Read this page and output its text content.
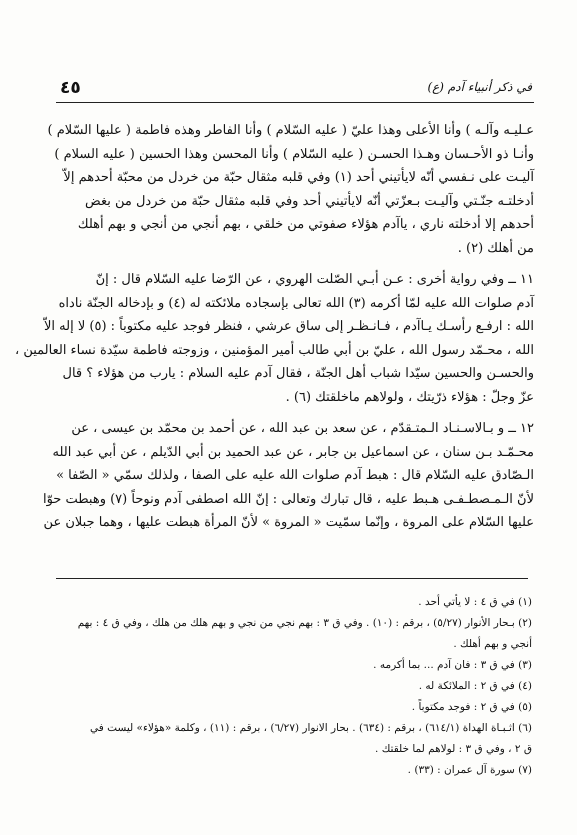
٤٥	في ذكر أنبياء آدم (ع)
عـليـه وآلـه ) وأنا الأعلى وهذا عليّ ( عليه السّلام ) وأنا الفاطر وهذه فاطمة ( عليها السّلام )
وأنـا ذو الأحـسان وهـذا الحسـن ( عليه السّلام ) وأنا المحسن وهذا الحسين ( عليه السلام )
آليـت على نـفسي أنّه لايأتيني أحد (١) وفي قلبه مثقال حبّة من خردل من محبّة أحدهم إلاّ
أدخلتـه جنّـتي وآليـت بـعزّتي أنّه لايأتيني أحد وفي قلبه مثقال حبّة من خردل من بغض
أحدهم إلا أدخلته ناري ، ياآدم هؤلاء صفوتي من خلقي ، بهم أنجي من أنجي و بهم أهلك
من أهلك (٢) .
١١ ــ وفي رواية أخرى : عـن أبـي الصّلت الهروي ، عن الرّضا عليه السّلام قال : إنّ
آدم صلوات الله عليه لمّا أكرمه (٣) الله تعالى بإسجاده ملائكته له (٤) و بإدخاله الجنّة ناداه
الله : ارفـع رأسـك يـاآدم ، فـانـظـر إلى ساق عرشي ، فنظر فوجد عليه مكتوباً : (٥) لا إله الاّ
الله ، محـمّد رسول الله ، عليّ بن أبي طالب أمير المؤمنين ، وزوجته فاطمة سيّدة نساء العالمين ،
والحسـن والحسين سيّدا شباب أهل الجنّة ، فقال آدم عليه السلام : يارب من هؤلاء ؟ قال
عزّ وجلّ : هؤلاء ذرّيتك ، ولولاهم ماخلقتك (٦) .
١٢ ــ و بـالاسـنـاد الـمتـقدّم ، عن سعد بن عبد الله ، عن أحمد بن محمّد بن عيسى ، عن
محـمّـد بـن سنان ، عن اسماعيل بن جابر ، عن عبد الحميد بن أبي الدّيلم ، عن أبي عبد الله
الـصّادق عليه السّلام قال : هبط آدم صلوات الله عليه على الصفا ، ولذلك سمّي « الصّفا »
لأنّ الـمـصطـفـى هـبط عليه ، قال تبارك وتعالى : إنّ الله اصطفى آدم ونوحاً (٧) وهبطت حوّا
عليها السّلام على المروة ، وإنّما سمّيت « المروة » لأنّ المرأة هبطت عليها ، وهما جبلان عن
(١) في ق ٤ : لا يأتي أحد .
(٢) بـحار الأنوار (٥/٢٧) ، برقم : (١٠) . وفي ق ٣ : بهم نجي من نجي و بهم هلك من هلك ، وفي ق ٤ : بهم
أنجي و بهم أهلك .
(٣) في ق ٣ : فان آدم ... بما أكرمه .
(٤) في ق ٢ : الملائكة له .
(٥) في ق ٢ : فوجد مكتوباً .
(٦) اثـبـاة الهداة (٦١٤/١) ، برقم : (٦٣٤) . بحار الانوار (٦/٢٧) ، برقم : (١١) ، وكلمة «هؤلاء» ليست في
ق ٢ ، وفي ق ٣ : لولاهم لما خلقتك .
(٧) سورة آل عمران : (٣٣) .
